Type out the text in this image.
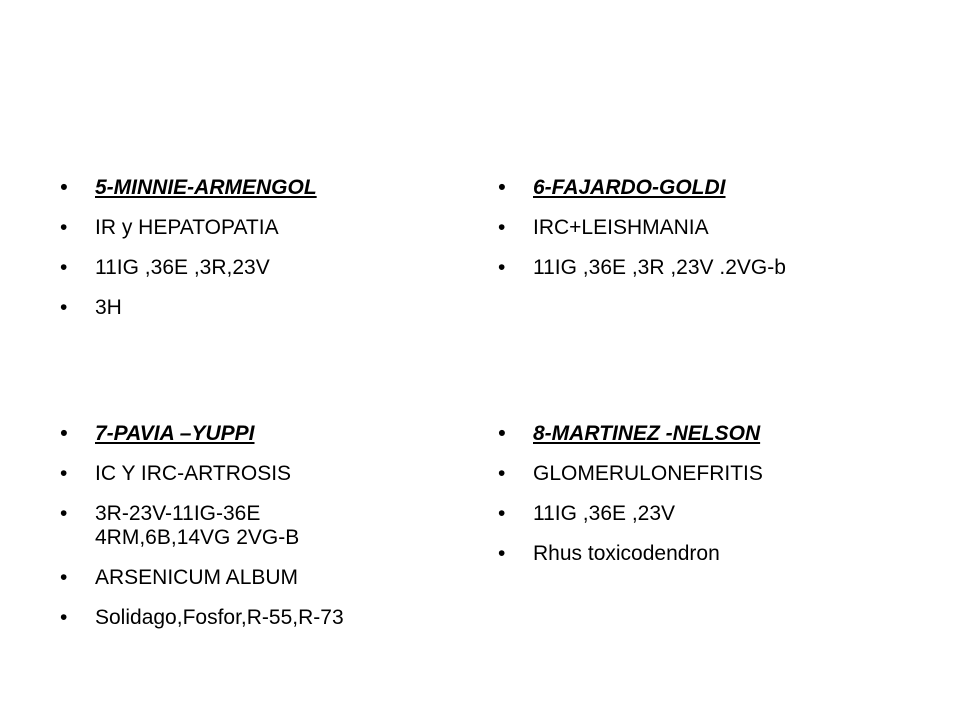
• 5-MINNIE-ARMENGOL
• IR y HEPATOPATIA
• 11IG ,36E ,3R,23V
• 3H
• 6-FAJARDO-GOLDI
• IRC+LEISHMANIA
• 11IG ,36E ,3R ,23V .2VG-b
• 7-PAVIA –YUPPI
• IC Y IRC-ARTROSIS
• 3R-23V-11IG-36E
4RM,6B,14VG 2VG-B
• ARSENICUM ALBUM
• Solidago,Fosfor,R-55,R-73
• 8-MARTINEZ -NELSON
• GLOMERULONEFRITIS
• 11IG ,36E ,23V
• Rhus toxicodendron
